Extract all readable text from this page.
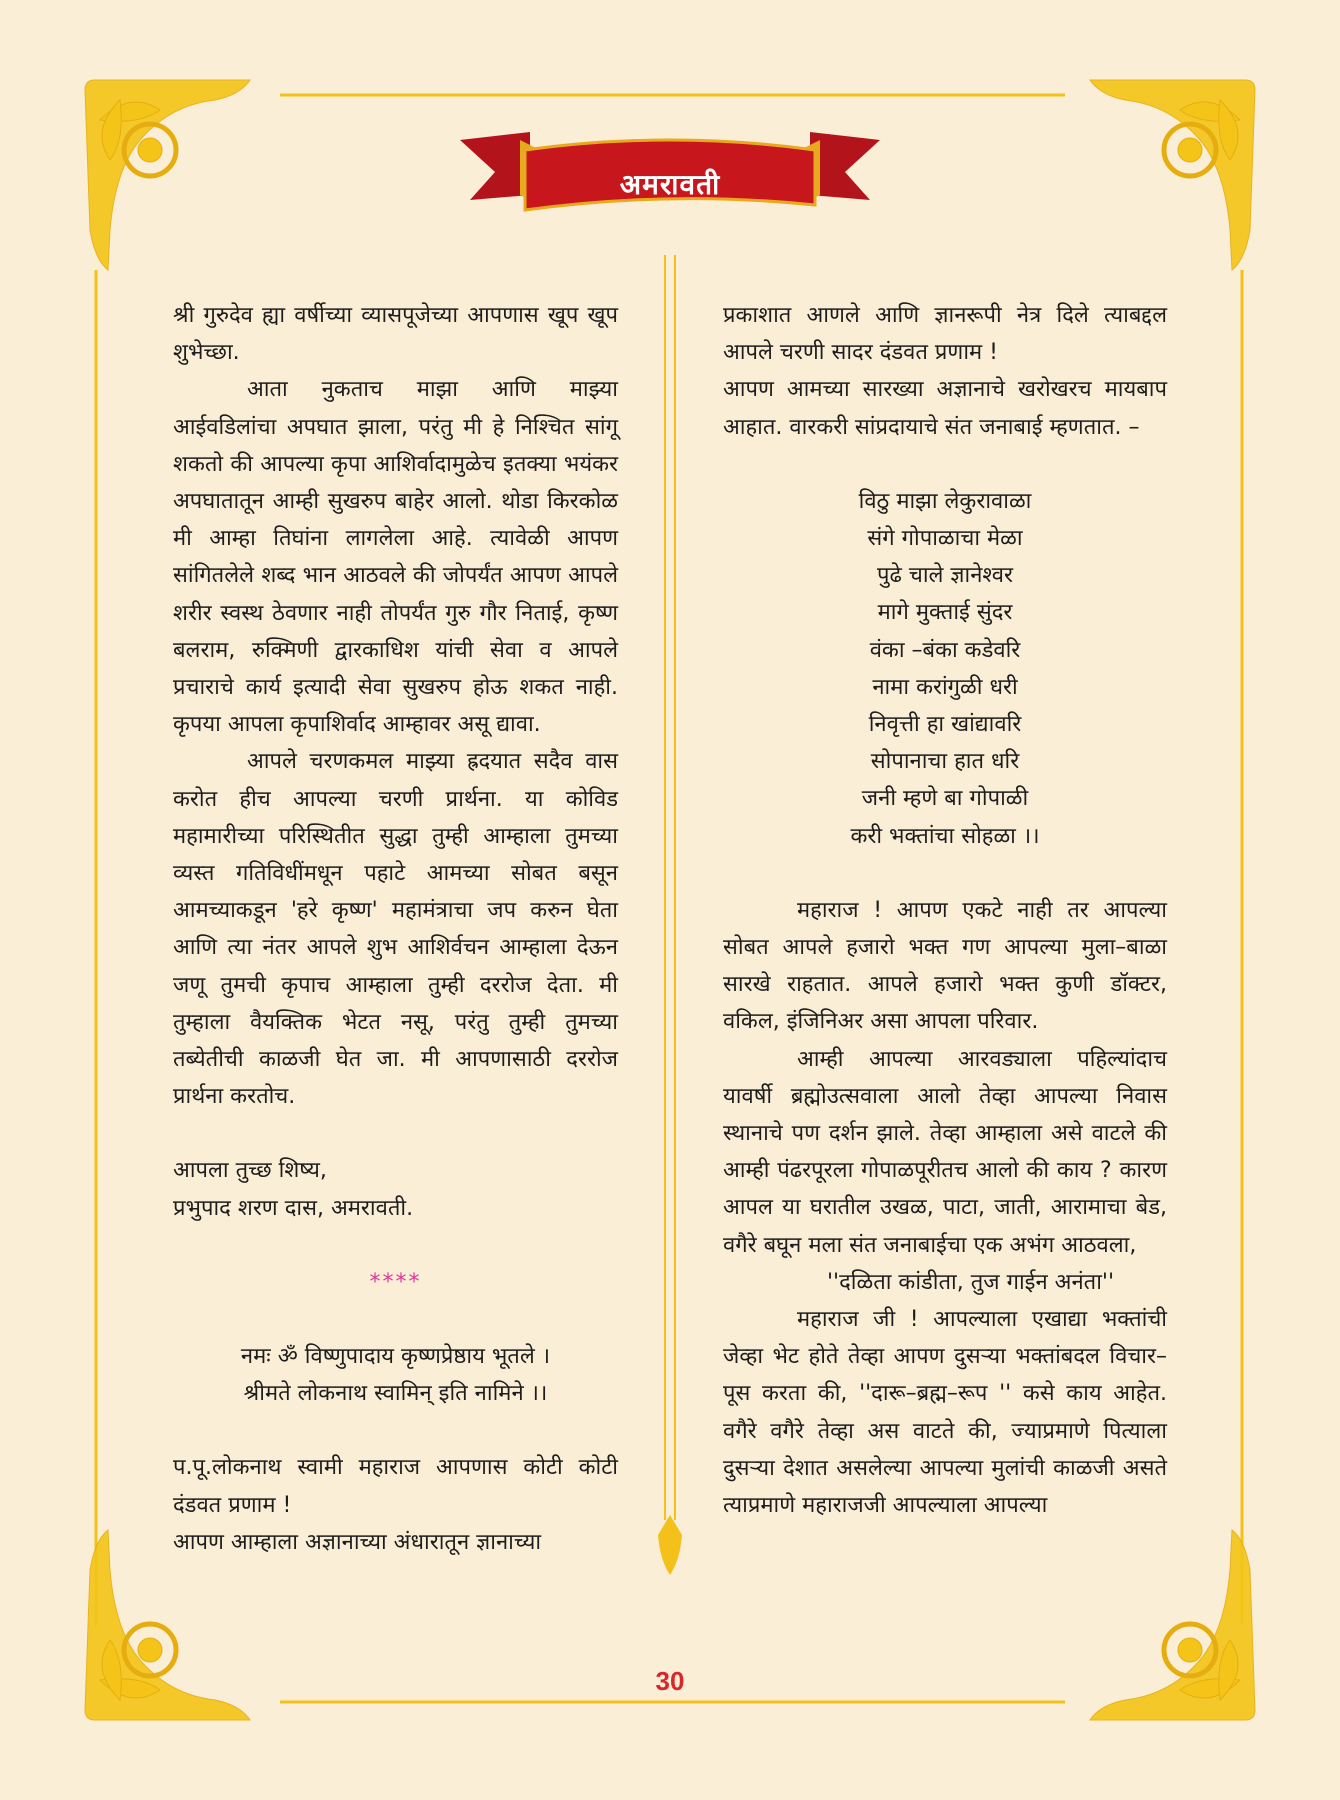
अमरावती

श्री गुरुदेव ह्या वर्षीच्या व्यासपूजेच्या आपणास खूप खूप शुभेच्छा.

आता नुकताच माझा आणि माझ्या आईवडिलांचा अपघात झाला, परंतु मी हे निश्चित सांगू शकतो की आपल्या कृपा आशिर्वादामुळेच इतक्या भयंकर अपघातातून आम्ही सुखरुप बाहेर आलो. थोडा किरकोळ मी आम्हा तिघांना लागलेला आहे. त्यावेळी आपण सांगितलेले शब्द भान आठवले की जोपर्यंत आपण आपले शरीर स्वस्थ ठेवणार नाही तोपर्यंत गुरु गौर निताई, कृष्ण बलराम, रुक्मिणी द्वारकाधिश यांची सेवा व आपले प्रचाराचे कार्य इत्यादी सेवा सुखरुप होऊ शकत नाही. कृपया आपला कृपाशिर्वाद आम्हावर असू द्यावा.

आपले चरणकमल माझ्या ह्रदयात सदैव वास करोत हीच आपल्या चरणी प्रार्थना. या कोविड महामारीच्या परिस्थितीत सुद्धा तुम्ही आम्हाला तुमच्या व्यस्त गतिविधींमधून पहाटे आमच्या सोबत बसून आमच्याकडून 'हरे कृष्ण' महामंत्राचा जप करुन घेता आणि त्या नंतर आपले शुभ आशिर्वचन आम्हाला देऊन जणू तुमची कृपाच आम्हाला तुम्ही दररोज देता. मी तुम्हाला वैयक्तिक भेटत नसू, परंतु तुम्ही तुमच्या तब्येतीची काळजी घेत जा. मी आपणासाठी दररोज प्रार्थना करतोच.

आपला तुच्छ शिष्य,

प्रभुपाद शरण दास, अमरावती.

****

नमः ॐ विष्णुपादाय कृष्णप्रेष्ठाय भूतले ।

श्रीमते लोकनाथ स्वामिन् इति नामिने ।।

प.पू.लोकनाथ स्वामी महाराज आपणास कोटी कोटी दंडवत प्रणाम !

आपण आम्हाला अज्ञानाच्या अंधारातून ज्ञानाच्या

प्रकाशात आणले आणि ज्ञानरूपी नेत्र दिले त्याबद्दल आपले चरणी सादर दंडवत प्रणाम !

आपण आमच्या सारख्या अज्ञानाचे खरोखरच मायबाप आहात. वारकरी सांप्रदायाचे संत जनाबाई म्हणतात. –

विठु माझा लेकुरावाळा

संगे गोपाळाचा मेळा

पुढे चाले ज्ञानेश्वर

मागे मुक्ताई सुंदर

वंका –बंका कडेवरि

नामा करांगुळी धरी

निवृत्ती हा खांद्यावरि

सोपानाचा हात धरि

जनी म्हणे बा गोपाळी

करी भक्तांचा सोहळा ।।

महाराज ! आपण एकटे नाही तर आपल्या सोबत आपले हजारो भक्त गण आपल्या मुला–बाळा सारखे राहतात. आपले हजारो भक्त कुणी डॉक्टर, वकिल, इंजिनिअर असा आपला परिवार.

आम्ही आपल्या आरवड्याला पहिल्यांदाच यावर्षी ब्रह्मोउत्सवाला आलो तेव्हा आपल्या निवास स्थानाचे पण दर्शन झाले. तेव्हा आम्हाला असे वाटले की आम्ही पंढरपूरला गोपाळपूरीतच आलो की काय ? कारण आपल या घरातील उखळ, पाटा, जाती, आरामाचा बेड, वगैरे बघून मला संत जनाबाईचा एक अभंग आठवला,

''दळिता कांडीता, तुज गाईन अनंता''

महाराज जी ! आपल्याला एखाद्या भक्तांची जेव्हा भेट होते तेव्हा आपण दुसऱ्या भक्तांबदल विचार–पूस करता की, ''दारू–ब्रह्म–रूप '' कसे काय आहेत. वगैरे वगैरे तेव्हा अस वाटते की, ज्याप्रमाणे पित्याला दुसऱ्या देशात असलेल्या आपल्या मुलांची काळजी असते त्याप्रमाणे महाराजजी आपल्याला आपल्या

30
